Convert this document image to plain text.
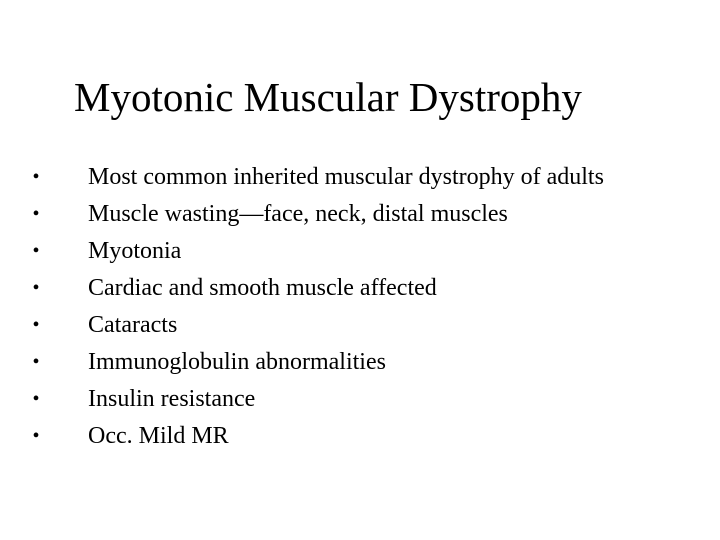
Myotonic Muscular Dystrophy
• Most common inherited muscular dystrophy of adults
• Muscle wasting—face, neck, distal muscles
• Myotonia
• Cardiac and smooth muscle affected
• Cataracts
• Immunoglobulin abnormalities
• Insulin resistance
• Occ. Mild MR
